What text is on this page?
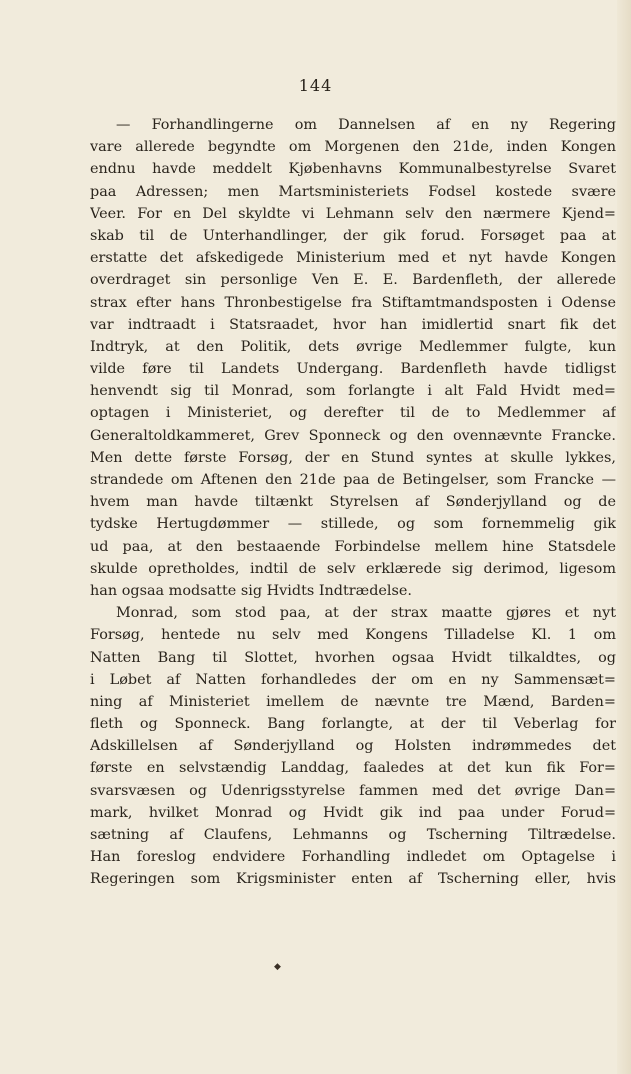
144
— Forhandlingerne om Dannelsen af en ny Regering
vare allerede begyndte om Morgenen den 21de, inden Kongen
endnu havde meddelt Kjøbenhavns Kommunalbestyrelse Svaret
paa Adressen; men Martsministeriets Fodsel kostede svære
Veer. For en Del skyldte vi Lehmann selv den nærmere Kjend=
skab til de Unterhandlinger, der gik forud. Forsøget paa at
erstatte det afskedigede Ministerium med et nyt havde Kongen
overdraget sin personlige Ven E. E. Bardenfleth, der allerede
strax efter hans Thronbestigelse fra Stiftamtmandsposten i Odense
var indtraadt i Statsraadet, hvor han imidlertid snart fik det
Indtryk, at den Politik, dets øvrige Medlemmer fulgte, kun
vilde føre til Landets Undergang. Bardenfleth havde tidligst
henvendt sig til Monrad, som forlangte i alt Fald Hvidt med=
optagen i Ministeriet, og derefter til de to Medlemmer af
Generaltoldkammeret, Grev Sponneck og den ovennævnte Francke.
Men dette første Forsøg, der en Stund syntes at skulle lykkes,
strandede om Aftenen den 21de paa de Betingelser, som Francke —
hvem man havde tiltænkt Styrelsen af Sønderjylland og de
tydske Hertugdømmer — stillede, og som fornemmelig gik
ud paa, at den bestaaende Forbindelse mellem hine Statsdele
skulde opretholdes, indtil de selv erklærede sig derimod, ligesom
han ogsaa modsatte sig Hvidts Indtrædelse.
Monrad, som stod paa, at der strax maatte gjøres et nyt
Forsøg, hentede nu selv med Kongens Tilladelse Kl. 1 om
Natten Bang til Slottet, hvorhen ogsaa Hvidt tilkaldtes, og
i Løbet af Natten forhandledes der om en ny Sammensæt=
ning af Ministeriet imellem de nævnte tre Mænd, Barden=
fleth og Sponneck. Bang forlangte, at der til Veberlag for
Adskillelsen af Sønderjylland og Holsten indrømmedes det
første en selvstændig Landdag, faaledes at det kun fik For=
svarsvæsen og Udenrigsstyrelse fammen med det øvrige Dan=
mark, hvilket Monrad og Hvidt gik ind paa under Forud=
sætning af Claufens, Lehmanns og Tscherning Tiltrædelse.
Han foreslog endvidere Forhandling indledet om Optagelse i
Regeringen som Krigsminister enten af Tscherning eller, hvis
◆
